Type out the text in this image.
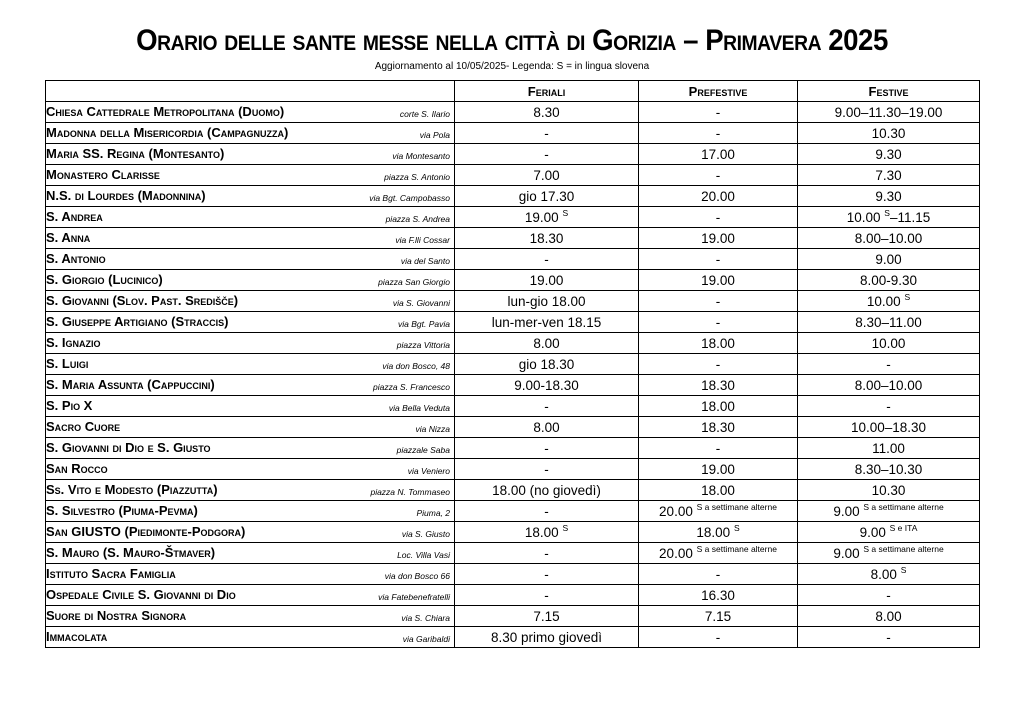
Orario delle sante messe nella città di Gorizia – Primavera 2025
Aggiornamento al 10/05/2025- Legenda: S = in lingua slovena
	Feriali	Prefestive	Festive
Chiesa Cattedrale Metropolitana (Duomo) corte S. Ilario	8.30	-	9.00–11.30–19.00
Madonna della Misericordia (Campagnuzza) via Pola	-	-	10.30
Maria SS. Regina (Montesanto) via Montesanto	-	17.00	9.30
Monastero Clarisse piazza S. Antonio	7.00	-	7.30
N.S. di Lourdes (Madonnina) via Bgt. Campobasso	gio 17.30	20.00	9.30
S. Andrea piazza S. Andrea	19.00 $^S$	-	10.00 $^S$–11.15
S. Anna via F.lli Cossar	18.30	19.00	8.00–10.00
S. Antonio via del Santo	-	-	9.00
S. Giorgio (Lucinico) piazza San Giorgio	19.00	19.00	8.00-9.30
S. Giovanni (Slov. Past. Središče) via S. Giovanni	lun-gio 18.00	-	10.00 $^S$
S. Giuseppe Artigiano (Straccis) via Bgt. Pavia	lun-mer-ven 18.15	-	8.30–11.00
S. Ignazio piazza Vittoria	8.00	18.00	10.00
S. Luigi via don Bosco, 48	gio 18.30	-	-
S. Maria Assunta (Cappuccini) piazza S. Francesco	9.00-18.30	18.30	8.00–10.00
S. Pio X via Bella Veduta	-	18.00	-
Sacro Cuore via Nizza	8.00	18.30	10.00–18.30
S. Giovanni di Dio e S. Giusto piazzale Saba	-	-	11.00
San Rocco via Veniero	-	19.00	8.30–10.30
Ss. Vito e Modesto (Piazzutta) piazza N. Tommaseo	18.00 (no giovedì)	18.00	10.30
S. Silvestro (Piuma-Pevma) Piuma, 2	-	20.00 $^{S a settimane alterne}$	9.00 $^{S a settimane alterne}$
San GIUSTO (Piedimonte-Podgora) via S. Giusto	18.00 $^S$	18.00 $^S$	9.00 $^{S e ITA}$
S. Mauro (S. Mauro-Štmaver) Loc. Villa Vasi	-	20.00 $^{S a settimane alterne}$	9.00 $^{S a settimane alterne}$
Istituto Sacra Famiglia via don Bosco 66	-	-	8.00 $^S$
Ospedale Civile S. Giovanni di Dio via Fatebenefratelli	-	16.30	-
Suore di Nostra Signora via S. Chiara	7.15	7.15	8.00
Immacolata via Garibaldi	8.30 primo giovedì	-	-
